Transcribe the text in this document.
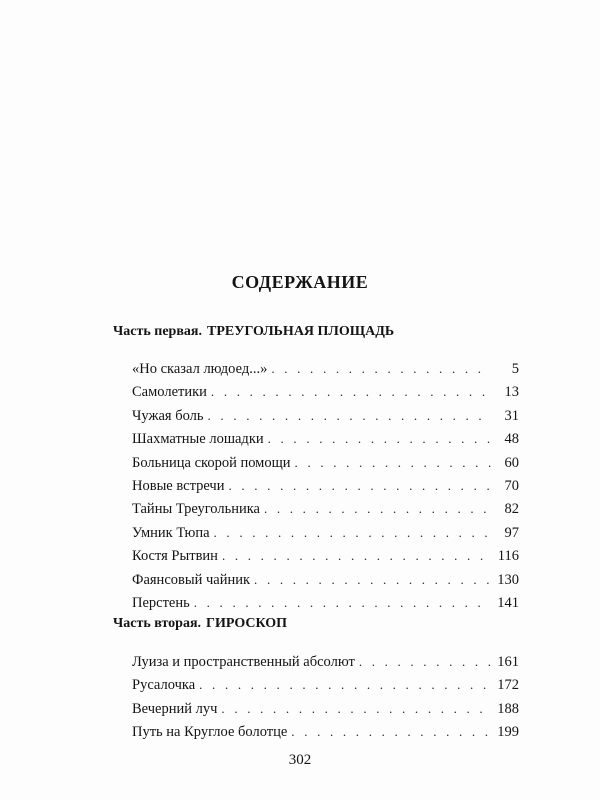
СОДЕРЖАНИЕ
Часть первая. ТРЕУГОЛЬНАЯ ПЛОЩАДЬ
«Но сказал людоед...» . . .	5
Самолетики . . .	13
Чужая боль . . .	31
Шахматные лошадки . . .	48
Больница скорой помощи . . .	60
Новые встречи . . .	70
Тайны Треугольника . . .	82
Умник Тюпа . . .	97
Костя Рытвин . . .	116
Фаянсовый чайник . . .	130
Перстень . . .	141
Часть вторая. ГИРОСКОП
Луиза и пространственный абсолют . . .	161
Русалочка . . .	172
Вечерний луч . . .	188
Путь на Круглое болотце . . .	199
302
